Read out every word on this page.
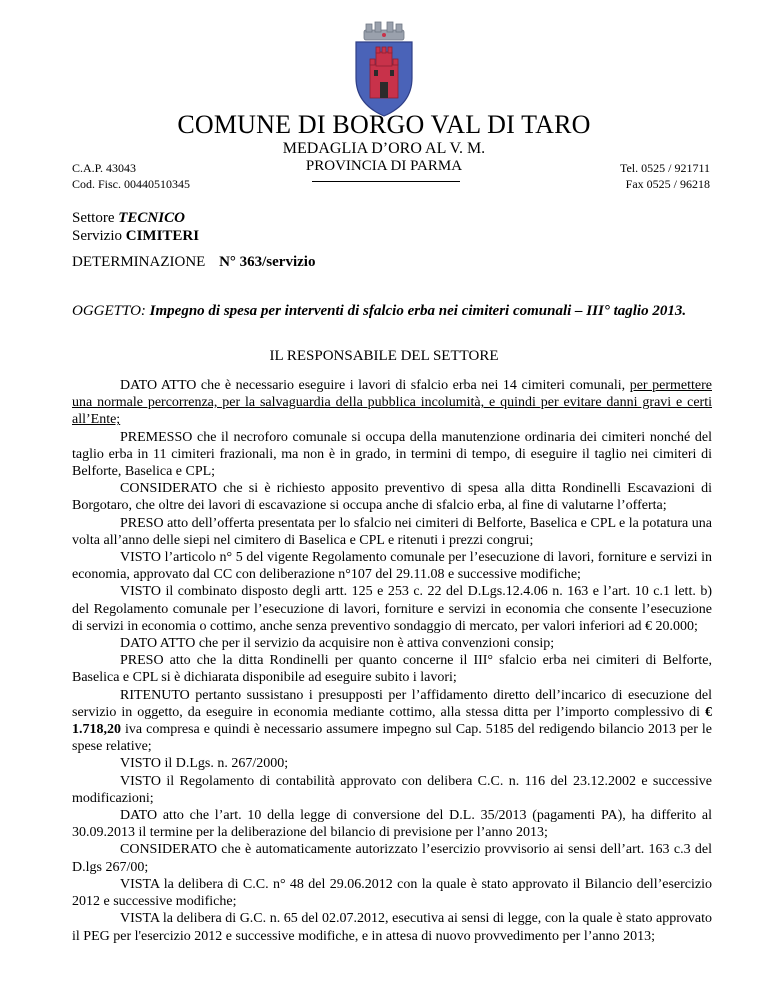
COMUNE DI BORGO VAL DI TARO
MEDAGLIA D’ORO AL V. M.
PROVINCIA DI PARMA
C.A.P. 43043
Cod. Fisc. 00440510345
Tel. 0525 / 921711
Fax 0525 / 96218
Settore TECNICO
Servizio CIMITERI
DETERMINAZIONE N° 363/servizio
OGGETTO: Impegno di spesa per interventi di sfalcio erba nei cimiteri comunali – III° taglio 2013.
IL RESPONSABILE DEL SETTORE

DATO ATTO che è necessario eseguire i lavori di sfalcio erba nei 14 cimiteri comunali, per permettere una normale percorrenza, per la salvaguardia della pubblica incolumità, e quindi per evitare danni gravi e certi all’Ente;

PREMESSO che il necroforo comunale si occupa della manutenzione ordinaria dei cimiteri nonché del taglio erba in 11 cimiteri frazionali, ma non è in grado, in termini di tempo, di eseguire il taglio nei cimiteri di Belforte, Baselica e CPL;

CONSIDERATO che si è richiesto apposito preventivo di spesa alla ditta Rondinelli Escavazioni di Borgotaro, che oltre dei lavori di escavazione si occupa anche di sfalcio erba, al fine di valutarne l’offerta;

PRESO atto dell’offerta presentata per lo sfalcio nei cimiteri di Belforte, Baselica e CPL e la potatura una volta all’anno delle siepi nel cimitero di Baselica e CPL e ritenuti i prezzi congrui;

VISTO l’articolo n° 5 del vigente Regolamento comunale per l’esecuzione di lavori, forniture e servizi in economia, approvato dal CC con deliberazione n°107 del 29.11.08 e successive modifiche;

VISTO il combinato disposto degli artt. 125 e 253 c. 22 del D.Lgs.12.4.06 n. 163 e l’art. 10 c.1 lett. b) del Regolamento comunale per l’esecuzione di lavori, forniture e servizi in economia che consente l’esecuzione di servizi in economia o cottimo, anche senza preventivo sondaggio di mercato, per valori inferiori ad € 20.000;

DATO ATTO che per il servizio da acquisire non è attiva convenzioni consip;

PRESO atto che la ditta Rondinelli per quanto concerne il III° sfalcio erba nei cimiteri di Belforte, Baselica e CPL si è dichiarata disponibile ad eseguire subito i lavori;

RITENUTO pertanto sussistano i presupposti per l’affidamento diretto dell’incarico di esecuzione del servizio in oggetto, da eseguire in economia mediante cottimo, alla stessa ditta per l’importo complessivo di € 1.718,20 iva compresa e quindi è necessario assumere impegno sul Cap. 5185 del redigendo bilancio 2013 per le spese relative;

VISTO il D.Lgs. n. 267/2000;

VISTO il Regolamento di contabilità approvato con delibera C.C. n. 116 del 23.12.2002 e successive modificazioni;

DATO atto che l’art. 10 della legge di conversione del D.L. 35/2013 (pagamenti PA), ha differito al 30.09.2013 il termine per la deliberazione del bilancio di previsione per l’anno 2013;

CONSIDERATO che è automaticamente autorizzato l’esercizio provvisorio ai sensi dell’art. 163 c.3 del D.lgs 267/00;

VISTA la delibera di C.C. n° 48 del 29.06.2012 con la quale è stato approvato il Bilancio dell’esercizio 2012 e successive modifiche;

VISTA la delibera di G.C. n. 65 del 02.07.2012, esecutiva ai sensi di legge, con la quale è stato approvato il PEG per l'esercizio 2012 e successive modifiche, e in attesa di nuovo provvedimento per l’anno 2013;
